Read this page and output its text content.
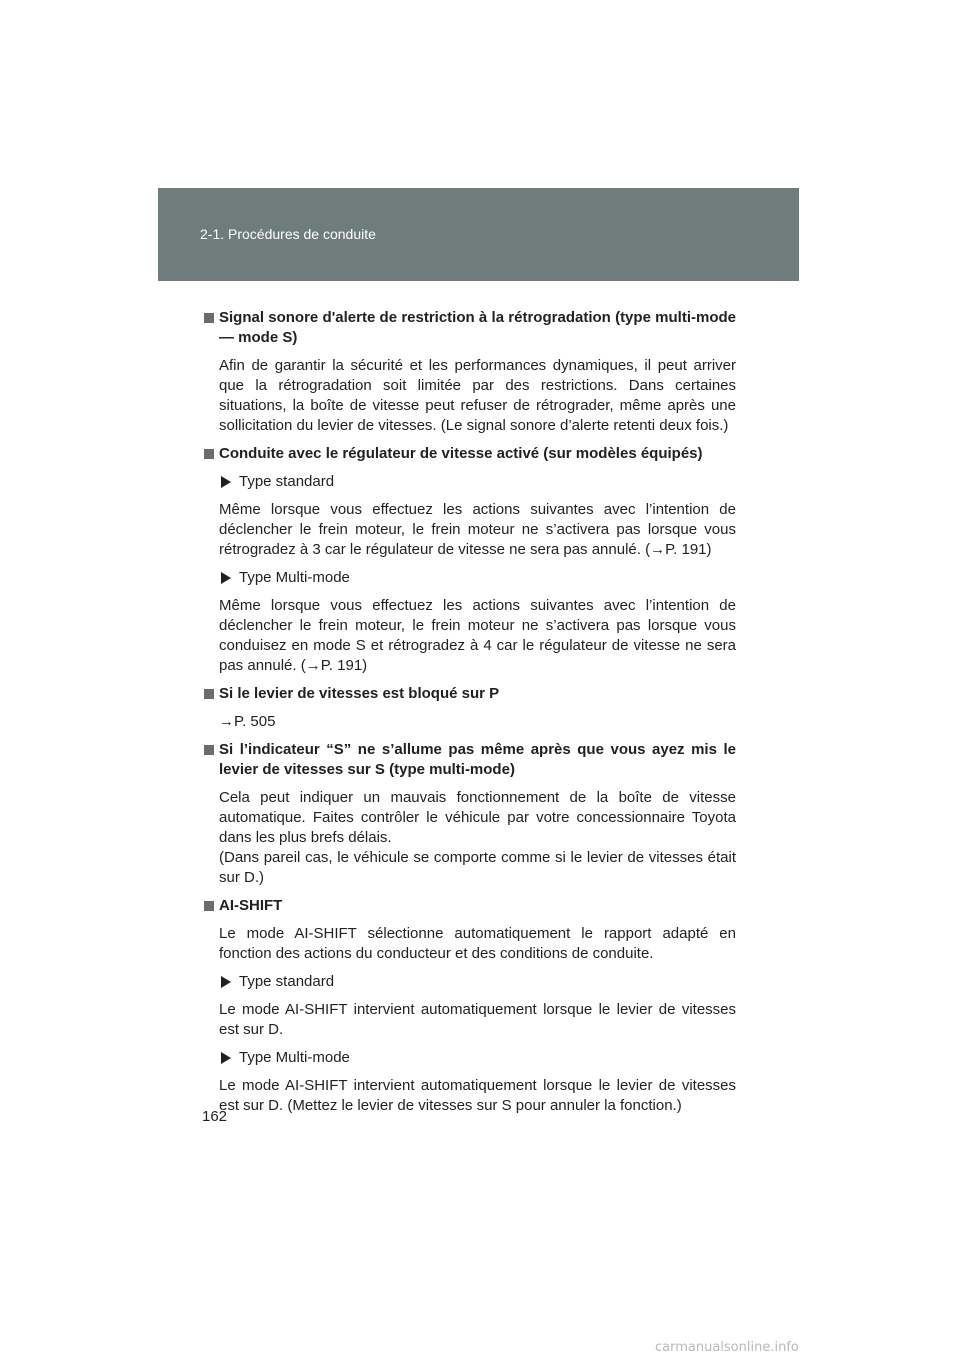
2-1. Procédures de conduite

Signal sonore d'alerte de restriction à la rétrogradation (type multi-mode — mode S)

Afin de garantir la sécurité et les performances dynamiques, il peut arriver que la rétrogradation soit limitée par des restrictions. Dans certaines situations, la boîte de vitesse peut refuser de rétrograder, même après une sollicitation du levier de vitesses. (Le signal sonore d’alerte retenti deux fois.)

Conduite avec le régulateur de vitesse activé (sur modèles équipés)

Type standard

Même lorsque vous effectuez les actions suivantes avec l’intention de déclencher le frein moteur, le frein moteur ne s’activera pas lorsque vous rétrogradez à 3 car le régulateur de vitesse ne sera pas annulé. (→P. 191)

Type Multi-mode

Même lorsque vous effectuez les actions suivantes avec l’intention de déclencher le frein moteur, le frein moteur ne s’activera pas lorsque vous conduisez en mode S et rétrogradez à 4 car le régulateur de vitesse ne sera pas annulé. (→P. 191)

Si le levier de vitesses est bloqué sur P

→P. 505

Si l’indicateur “S” ne s’allume pas même après que vous ayez mis le levier de vitesses sur S (type multi-mode)

Cela peut indiquer un mauvais fonctionnement de la boîte de vitesse automatique. Faites contrôler le véhicule par votre concessionnaire Toyota dans les plus brefs délais.

(Dans pareil cas, le véhicule se comporte comme si le levier de vitesses était sur D.)

AI-SHIFT

Le mode AI-SHIFT sélectionne automatiquement le rapport adapté en fonction des actions du conducteur et des conditions de conduite.

Type standard

Le mode AI-SHIFT intervient automatiquement lorsque le levier de vitesses est sur D.

Type Multi-mode

Le mode AI-SHIFT intervient automatiquement lorsque le levier de vitesses est sur D. (Mettez le levier de vitesses sur S pour annuler la fonction.)

162
carmanualsonline.info
